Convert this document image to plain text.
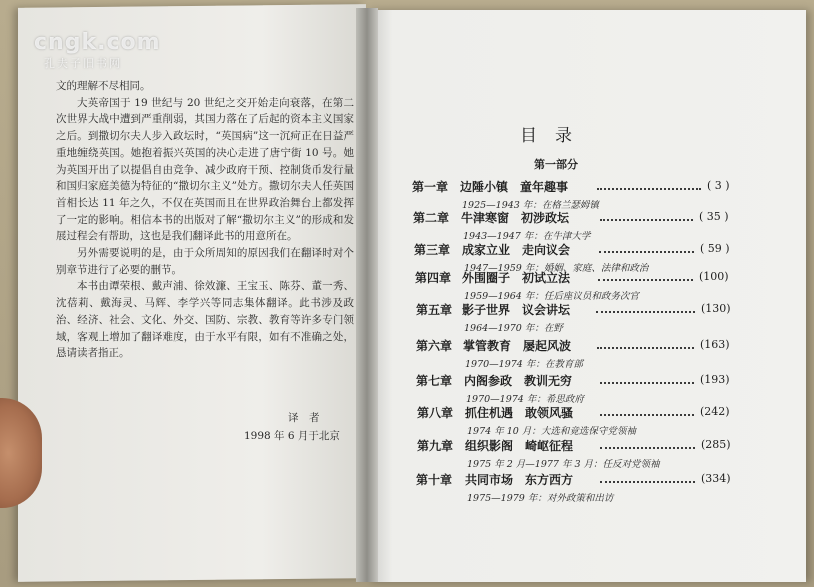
cngk.com
孔夫子旧书网

文的理解不尽相同。

大英帝国于 19 世纪与 20 世纪之交开始走向衰落，在第二次世界大战中遭到严重削弱，其国力落在了后起的资本主义国家之后。到撒切尔夫人步入政坛时，“英国病”这一沉疴正在日益严重地缠绕英国。她抱着振兴英国的决心走进了唐宁街 10 号。她为英国开出了以提倡自由竞争、减少政府干预、控制货币发行量和国归家庭美德为特征的“撒切尔主义”处方。撒切尔夫人任英国首相长达 11 年之久，不仅在英国而且在世界政治舞台上都发挥了一定的影响。相信本书的出版对了解“撒切尔主义”的形成和发展过程会有帮助，这也是我们翻译此书的用意所在。

另外需要说明的是，由于众所周知的原因我们在翻译时对个别章节进行了必要的删节。

本书由谭荣根、戴声浦、徐效濂、王宝玉、陈芬、董一秀、沈蓓莉、戴海灵、马辉、李学兴等同志集体翻译。此书涉及政治、经济、社会、文化、外交、国防、宗教、教育等许多专门领域，客观上增加了翻译难度，由于水平有限，如有不准确之处，恳请读者指正。

译　者
1998 年 6 月于北京
目录
第一部分
第一章 边陲小镇　童年趣事	( 3 )
1925—1943 年：在格兰瑟姆镇
第二章 牛津寒窗　初涉政坛	( 35 )
1943—1947 年：在牛津大学
第三章 成家立业　走向议会	( 59 )
1947—1959 年：婚姻、家庭、法律和政治
第四章 外围圈子　初试立法	(100)
1959—1964 年：任后座议员和政务次官
第五章 影子世界　议会讲坛	(130)
1964—1970 年：在野
第六章 掌管教育　屡起风波	(163)
1970—1974 年：在教育部
第七章 内阁参政　教训无穷	(193)
1970—1974 年：希思政府
第八章 抓住机遇　敢领风骚	(242)
1974 年 10 月：大选和竞选保守党领袖
第九章 组织影阁　崎岖征程	(285)
1975 年 2 月—1977 年 3 月：任反对党领袖
第十章 共同市场　东方西方	(334)
1975—1979 年：对外政策和出访
